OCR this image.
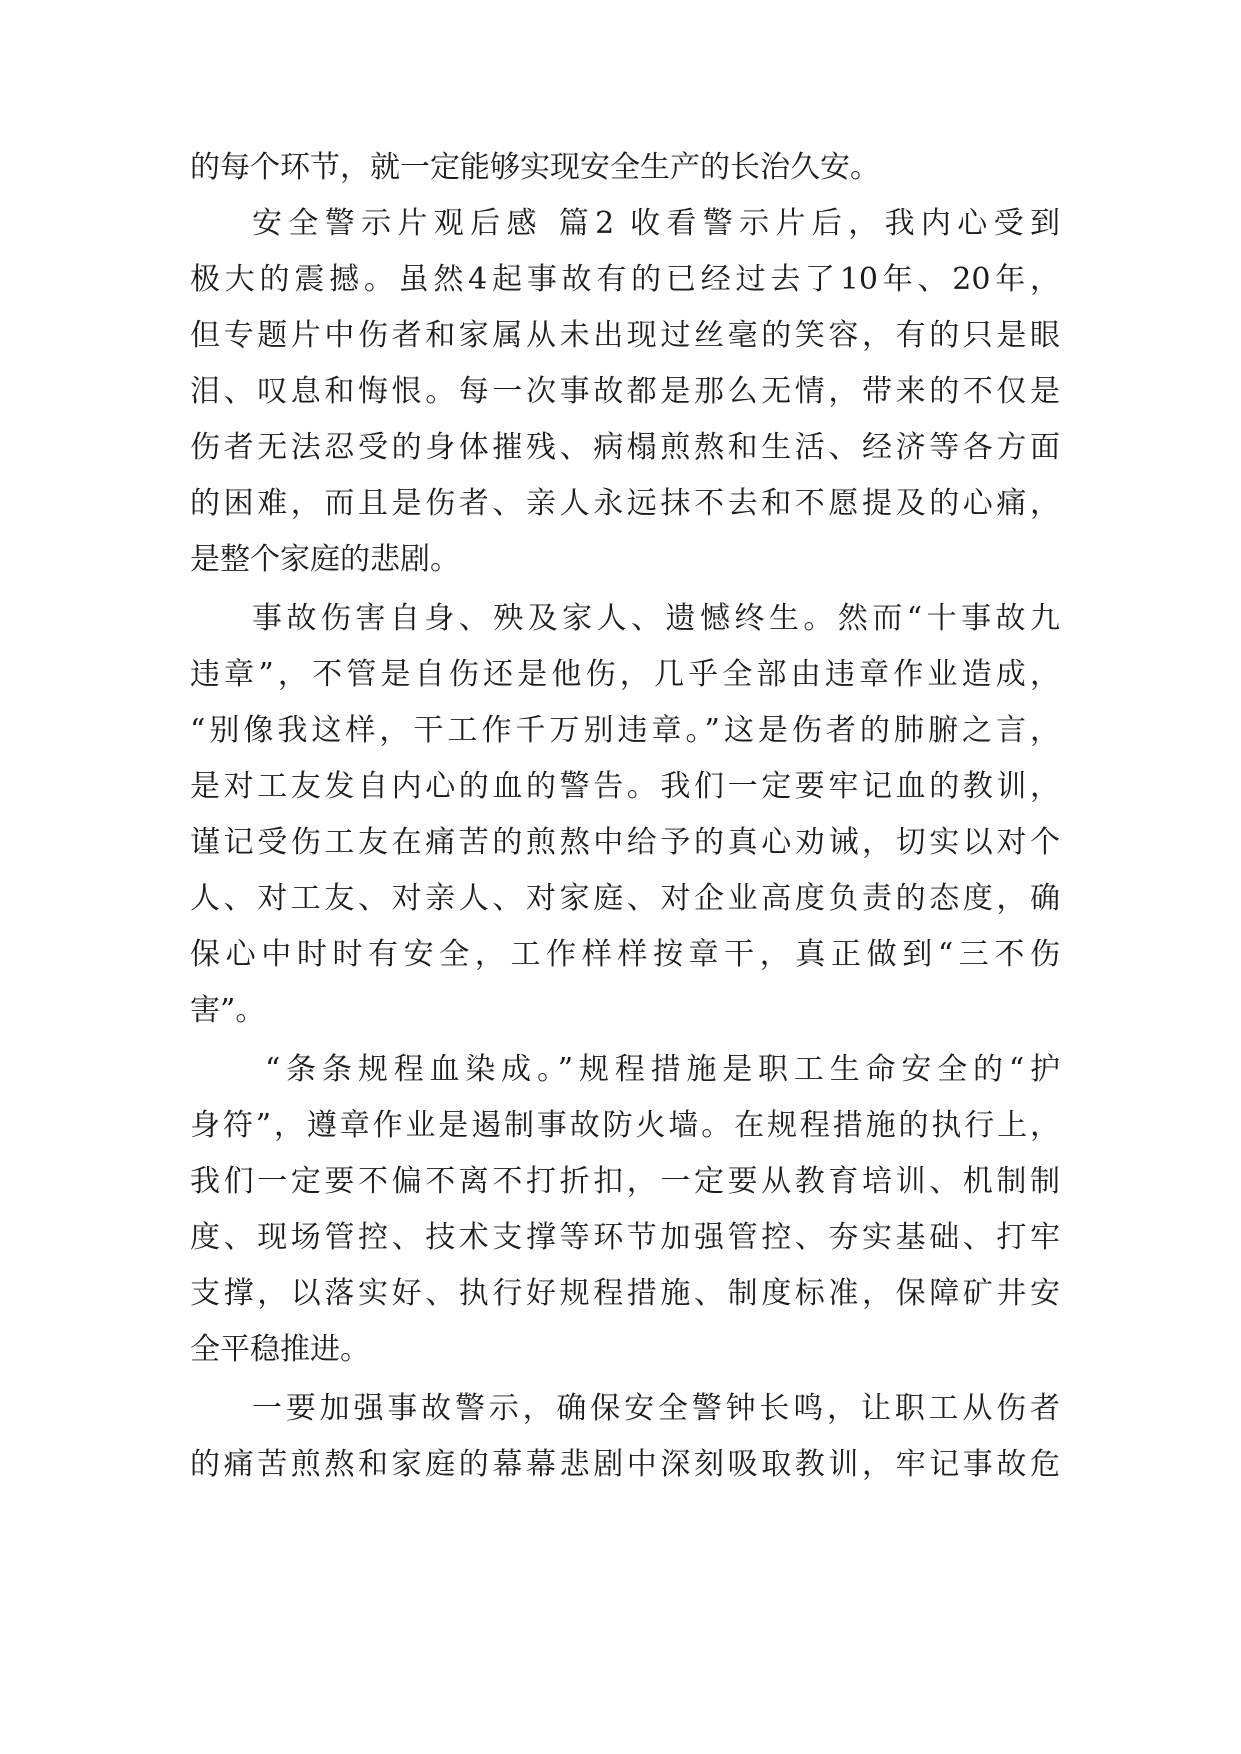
的每个环节，就一定能够实现安全生产的长治久安。
安全警示片观后感 篇2 收看警示片后，我内心受到
极大的震撼。虽然4起事故有的已经过去了10年、20年，
但专题片中伤者和家属从未出现过丝毫的笑容，有的只是眼
泪、叹息和悔恨。每一次事故都是那么无情，带来的不仅是
伤者无法忍受的身体摧残、病榻煎熬和生活、经济等各方面
的困难，而且是伤者、亲人永远抹不去和不愿提及的心痛，
是整个家庭的悲剧。
事故伤害自身、殃及家人、遗憾终生。然而“十事故九
违章”，不管是自伤还是他伤，几乎全部由违章作业造成，
“别像我这样，干工作千万别违章。”这是伤者的肺腑之言，
是对工友发自内心的血的警告。我们一定要牢记血的教训，
谨记受伤工友在痛苦的煎熬中给予的真心劝诫，切实以对个
人、对工友、对亲人、对家庭、对企业高度负责的态度，确
保心中时时有安全，工作样样按章干，真正做到“三不伤
害”。
“条条规程血染成。”规程措施是职工生命安全的“护
身符”，遵章作业是遏制事故防火墙。在规程措施的执行上，
我们一定要不偏不离不打折扣，一定要从教育培训、机制制
度、现场管控、技术支撑等环节加强管控、夯实基础、打牢
支撑，以落实好、执行好规程措施、制度标准，保障矿井安
全平稳推进。
一要加强事故警示，确保安全警钟长鸣，让职工从伤者
的痛苦煎熬和家庭的幕幕悲剧中深刻吸取教训，牢记事故危
